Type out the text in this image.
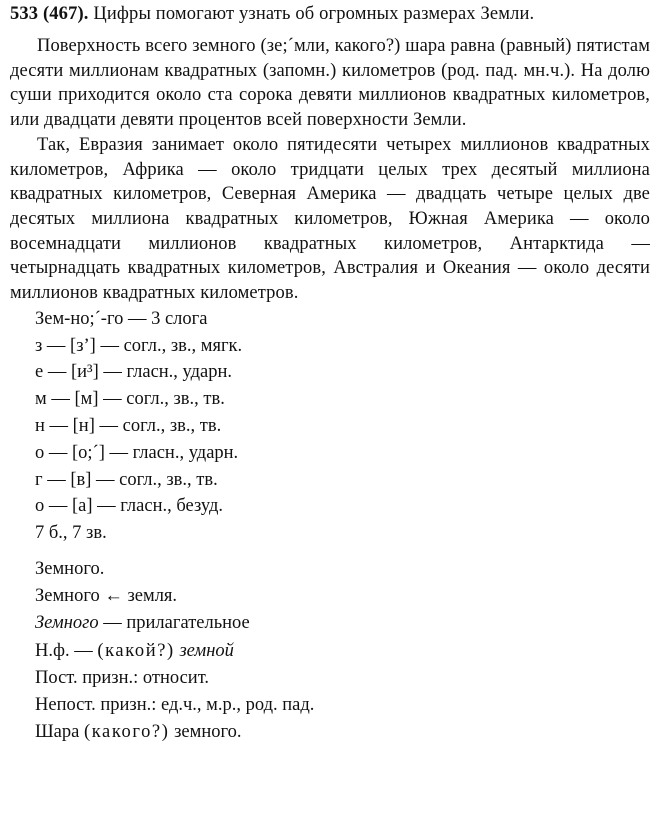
533 (467). Цифры помогают узнать об огромных размерах Земли.
Поверхность всего земного (зе;´мли, какого?) шара равна (равный) пятистам десяти миллионам квадратных (запомн.) километров (род. пад. мн.ч.). На долю суши приходится около ста сорока девяти миллионов квадратных километров, или двадцати девяти процентов всей поверхности Земли.
Так, Евразия занимает около пятидесяти четырех миллионов квадратных километров, Африка — около тридцати целых трех десятый миллиона квадратных километров, Северная Америка — двадцать четыре целых две десятых миллиона квадратных километров, Южная Америка — около восемнадцати миллионов квадратных километров, Антарктида — четырнадцать квадратных километров, Австралия и Океания — около десяти миллионов квадратных километров.
Зем-но;´-го — 3 слога
з — [з’] — согл., зв., мягк.
е — [и³] — гласн., ударн.
м — [м] — согл., зв., тв.
н — [н] — согл., зв., тв.
о — [о;´] — гласн., ударн.
г — [в] — согл., зв., тв.
о — [а] — гласн., безуд.
7 б., 7 зв.
Земного.
Земного ← земля.
Земного — прилагательное
Н.ф. — (какой?) земной
Пост. призн.: относит.
Непост. призн.: ед.ч., м.р., род. пад.
Шара (какого?) земного.
